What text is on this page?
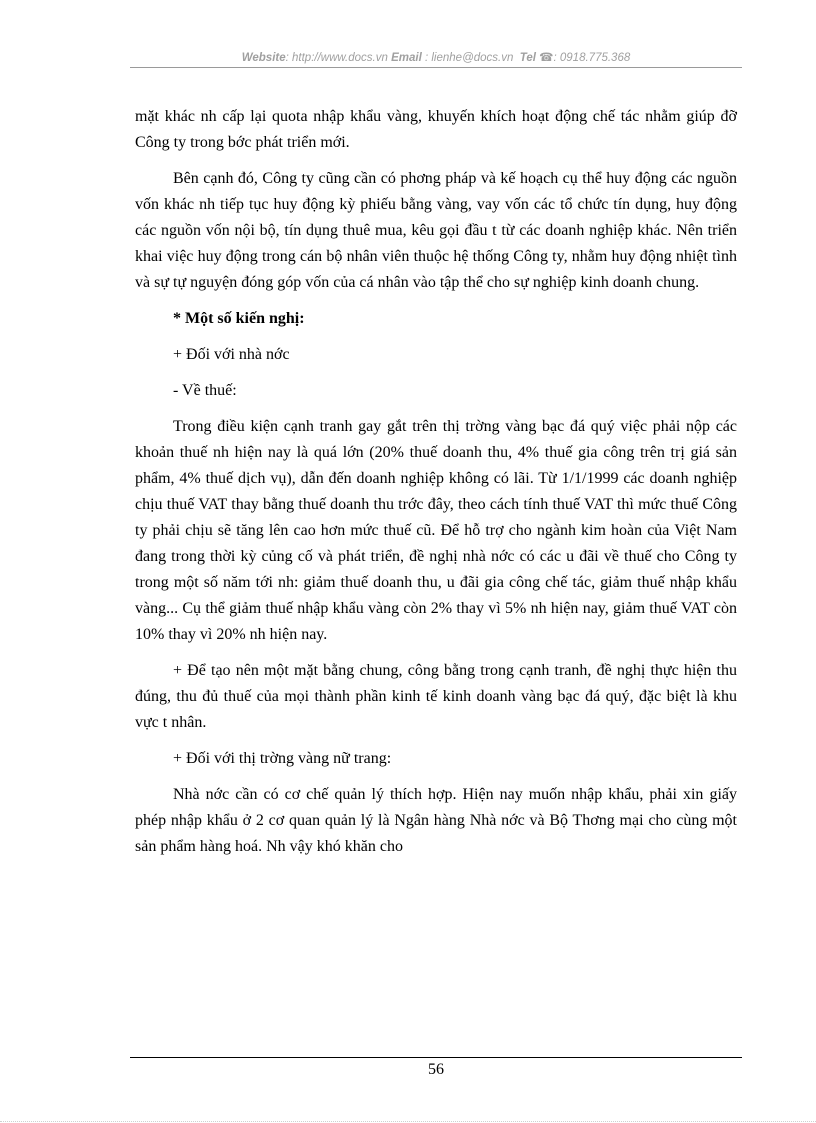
Website: http://www.docs.vn Email : lienhe@docs.vn Tel ☎: 0918.775.368

mặt khác nh cấp lại quota nhập khẩu vàng, khuyến khích hoạt động chế tác nhằm giúp đỡ Công ty trong bớc phát triển mới.

Bên cạnh đó, Công ty cũng cần có phơng pháp và kế hoạch cụ thể huy động các nguồn vốn khác nh tiếp tục huy động kỳ phiếu bằng vàng, vay vốn các tổ chức tín dụng, huy động các nguồn vốn nội bộ, tín dụng thuê mua, kêu gọi đầu t từ các doanh nghiệp khác. Nên triển khai việc huy động trong cán bộ nhân viên thuộc hệ thống Công ty, nhằm huy động nhiệt tình và sự tự nguyện đóng góp vốn của cá nhân vào tập thể cho sự nghiệp kinh doanh chung.

* Một số kiến nghị:

+ Đối với nhà nớc

- Về thuế:

Trong điều kiện cạnh tranh gay gắt trên thị trờng vàng bạc đá quý việc phải nộp các khoản thuế nh hiện nay là quá lớn (20% thuế doanh thu, 4% thuế gia công trên trị giá sản phẩm, 4% thuế dịch vụ), dẫn đến doanh nghiệp không có lãi. Từ 1/1/1999 các doanh nghiệp chịu thuế VAT thay bằng thuế doanh thu trớc đây, theo cách tính thuế VAT thì mức thuế Công ty phải chịu sẽ tăng lên cao hơn mức thuế cũ. Để hỗ trợ cho ngành kim hoàn của Việt Nam đang trong thời kỳ củng cố và phát triển, đề nghị nhà nớc có các u đãi về thuế cho Công ty trong một số năm tới nh: giảm thuế doanh thu, u đãi gia công chế tác, giảm thuế nhập khẩu vàng... Cụ thể giảm thuế nhập khẩu vàng còn 2% thay vì 5% nh hiện nay, giảm thuế VAT còn 10% thay vì 20% nh hiện nay.

+ Để tạo nên một mặt bằng chung, công bằng trong cạnh tranh, đề nghị thực hiện thu đúng, thu đủ thuế của mọi thành phần kinh tế kinh doanh vàng bạc đá quý, đặc biệt là khu vực t nhân.

+ Đối với thị trờng vàng nữ trang:

Nhà nớc cần có cơ chế quản lý thích hợp. Hiện nay muốn nhập khẩu, phải xin giấy phép nhập khẩu ở 2 cơ quan quản lý là Ngân hàng Nhà nớc và Bộ Thơng mại cho cùng một sản phẩm hàng hoá. Nh vậy khó khăn cho

56
